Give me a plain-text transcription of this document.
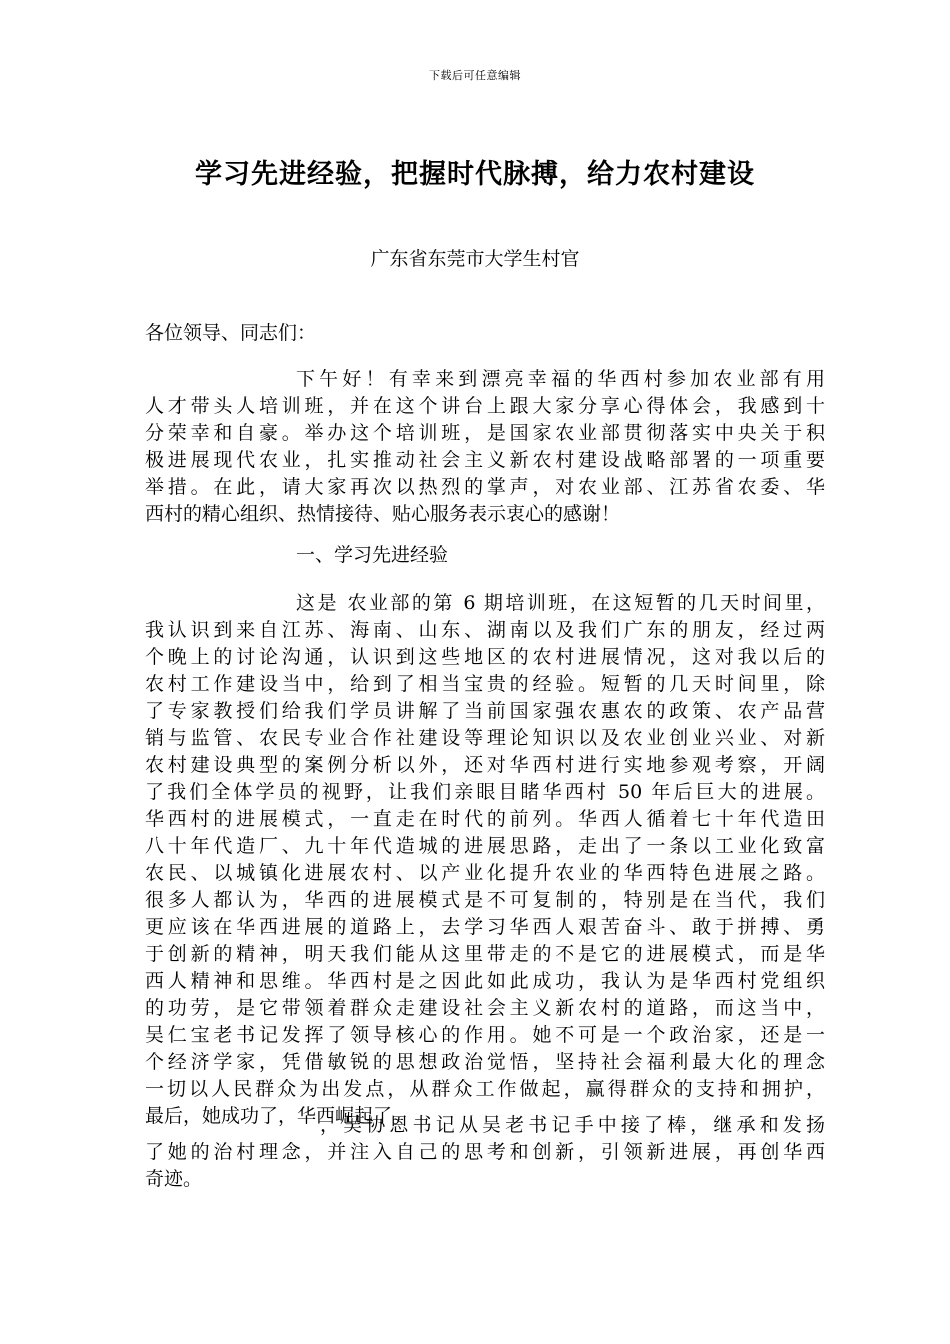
下载后可任意编辑
学习先进经验，把握时代脉搏，给力农村建设
广东省东莞市大学生村官
各位领导、同志们：
下午好！有幸来到漂亮幸福的华西村参加农业部有用
人才带头人培训班，并在这个讲台上跟大家分享心得体会，我感到十
分荣幸和自豪。举办这个培训班，是国家农业部贯彻落实中央关于积
极进展现代农业，扎实推动社会主义新农村建设战略部署的一项重要
举措。在此，请大家再次以热烈的掌声，对农业部、江苏省农委、华
西村的精心组织、热情接待、贴心服务表示衷心的感谢！
一、学习先进经验
这是 农业部的第 6 期培训班，在这短暂的几天时间里，
我认识到来自江苏、海南、山东、湖南以及我们广东的朋友，经过两
个晚上的讨论沟通，认识到这些地区的农村进展情况，这对我以后的
农村工作建设当中，给到了相当宝贵的经验。短暂的几天时间里，除
了专家教授们给我们学员讲解了当前国家强农惠农的政策、农产品营
销与监管、农民专业合作社建设等理论知识以及农业创业兴业、对新
农村建设典型的案例分析以外，还对华西村进行实地参观考察，开阔
了我们全体学员的视野，让我们亲眼目睹华西村 50 年后巨大的进展。
华西村的进展模式，一直走在时代的前列。华西人循着七十年代造田
八十年代造厂、九十年代造城的进展思路，走出了一条以工业化致富
农民、以城镇化进展农村、以产业化提升农业的华西特色进展之路。
很多人都认为，华西的进展模式是不可复制的，特别是在当代，我们
更应该在华西进展的道路上，去学习华西人艰苦奋斗、敢于拼搏、勇
于创新的精神，明天我们能从这里带走的不是它的进展模式，而是华
西人精神和思维。华西村是之因此如此成功，我认为是华西村党组织
的功劳，是它带领着群众走建设社会主义新农村的道路，而这当中，
吴仁宝老书记发挥了领导核心的作用。她不可是一个政治家，还是一
个经济学家，凭借敏锐的思想政治觉悟，坚持社会福利最大化的理念
一切以人民群众为出发点，从群众工作做起，赢得群众的支持和拥护，
最后，她成功了，华西崛起了。
，吴协恩书记从吴老书记手中接了棒，继承和发扬
了她的治村理念，并注入自己的思考和创新，引领新进展，再创华西
奇迹。
